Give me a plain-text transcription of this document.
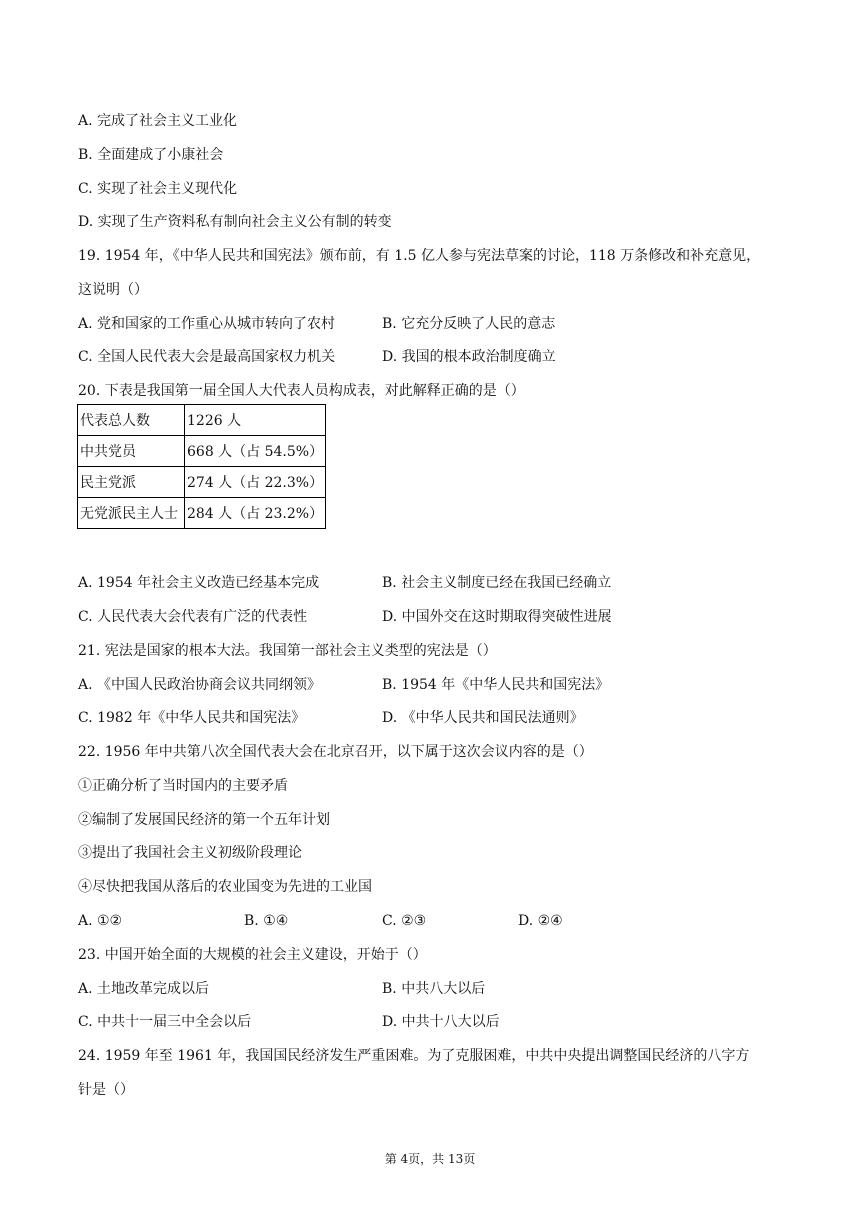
A. 完成了社会主义工业化
B. 全面建成了小康社会
C. 实现了社会主义现代化
D. 实现了生产资料私有制向社会主义公有制的转变
19. 1954 年，《中华人民共和国宪法》颁布前，有 1.5 亿人参与宪法草案的讨论，118 万条修改和补充意见，
这说明（）
A. 党和国家的工作重心从城市转向了农村	B. 它充分反映了人民的意志
C. 全国人民代表大会是最高国家权力机关	D. 我国的根本政治制度确立
20. 下表是我国第一届全国人大代表人员构成表，对此解释正确的是（）
代表总人数	1226 人
中共党员	668 人（占 54.5%）
民主党派	274 人（占 22.3%）
无党派民主人士	284 人（占 23.2%）
A. 1954 年社会主义改造已经基本完成	B. 社会主义制度已经在我国已经确立
C. 人民代表大会代表有广泛的代表性	D. 中国外交在这时期取得突破性进展
21. 宪法是国家的根本大法。我国第一部社会主义类型的宪法是（）
A. 《中国人民政治协商会议共同纲领》	B. 1954 年《中华人民共和国宪法》
C. 1982 年《中华人民共和国宪法》	D. 《中华人民共和国民法通则》
22. 1956 年中共第八次全国代表大会在北京召开，以下属于这次会议内容的是（）
①正确分析了当时国内的主要矛盾
②编制了发展国民经济的第一个五年计划
③提出了我国社会主义初级阶段理论
④尽快把我国从落后的农业国变为先进的工业国
A. ①②	B. ①④	C. ②③	D. ②④
23. 中国开始全面的大规模的社会主义建设，开始于（）
A. 土地改革完成以后	B. 中共八大以后
C. 中共十一届三中全会以后	D. 中共十八大以后
24. 1959 年至 1961 年，我国国民经济发生严重困难。为了克服困难，中共中央提出调整国民经济的八字方
针是（）
第 4页，共 13页
